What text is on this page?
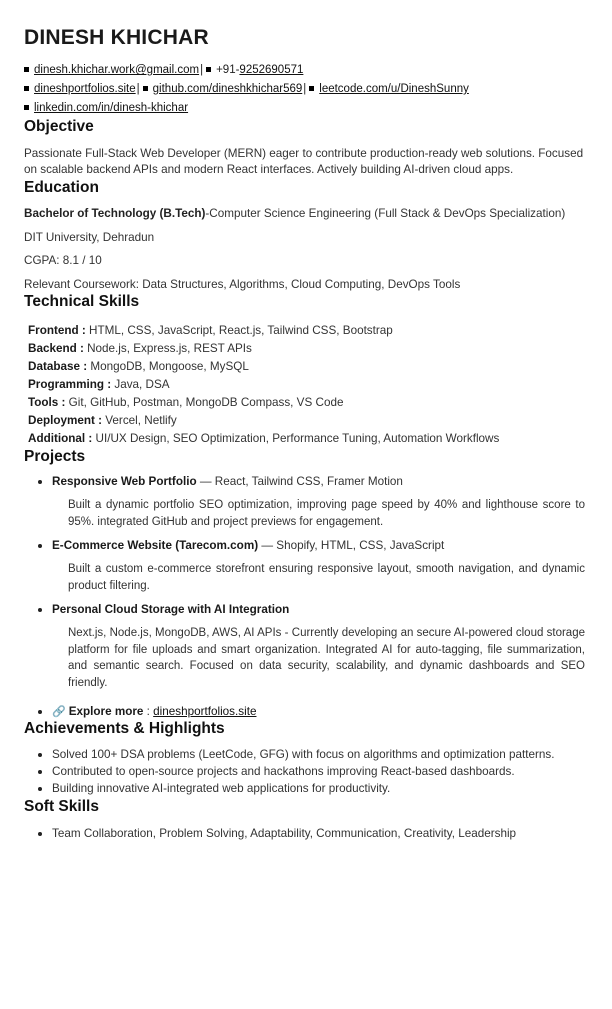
DINESH KHICHAR
dinesh.khichar.work@gmail.com| +91-9252690571
dineshportfolios.site| github.com/dineshkhichar569| leetcode.com/u/DineshSunny
linkedin.com/in/dinesh-khichar
Objective

Passionate Full-Stack Web Developer (MERN) eager to contribute production-ready web solutions. Focused on scalable backend APIs and modern React interfaces. Actively building AI-driven cloud apps.

Education
Bachelor of Technology (B.Tech)-Computer Science Engineering (Full Stack & DevOps Specialization)
DIT University, Dehradun
CGPA: 8.1 / 10
Relevant Coursework: Data Structures, Algorithms, Cloud Computing, DevOps Tools
Technical Skills
Frontend : HTML, CSS, JavaScript, React.js, Tailwind CSS, Bootstrap
Backend : Node.js, Express.js, REST APIs
Database : MongoDB, Mongoose, MySQL
Programming : Java, DSA
Tools : Git, GitHub, Postman, MongoDB Compass, VS Code
Deployment : Vercel, Netlify
Additional : UI/UX Design, SEO Optimization, Performance Tuning, Automation Workflows
Projects
Responsive Web Portfolio — React, Tailwind CSS, Framer Motion
Built a dynamic portfolio SEO optimization, improving page speed by 40% and lighthouse score to 95%. integrated GitHub and project previews for engagement.
E-Commerce Website (Tarecom.com) — Shopify, HTML, CSS, JavaScript
Built a custom e-commerce storefront ensuring responsive layout, smooth navigation, and dynamic product filtering.
Personal Cloud Storage with AI Integration
Next.js, Node.js, MongoDB, AWS, AI APIs - Currently developing an secure AI-powered cloud storage platform for file uploads and smart organization. Integrated AI for auto-tagging, file summarization, and semantic search. Focused on data security, scalability, and dynamic dashboards and SEO friendly.
🔗 Explore more : dineshportfolios.site
Achievements & Highlights
Solved 100+ DSA problems (LeetCode, GFG) with focus on algorithms and optimization patterns.
Contributed to open-source projects and hackathons improving React-based dashboards.
Building innovative AI-integrated web applications for productivity.
Soft Skills
Team Collaboration, Problem Solving, Adaptability, Communication, Creativity, Leadership
